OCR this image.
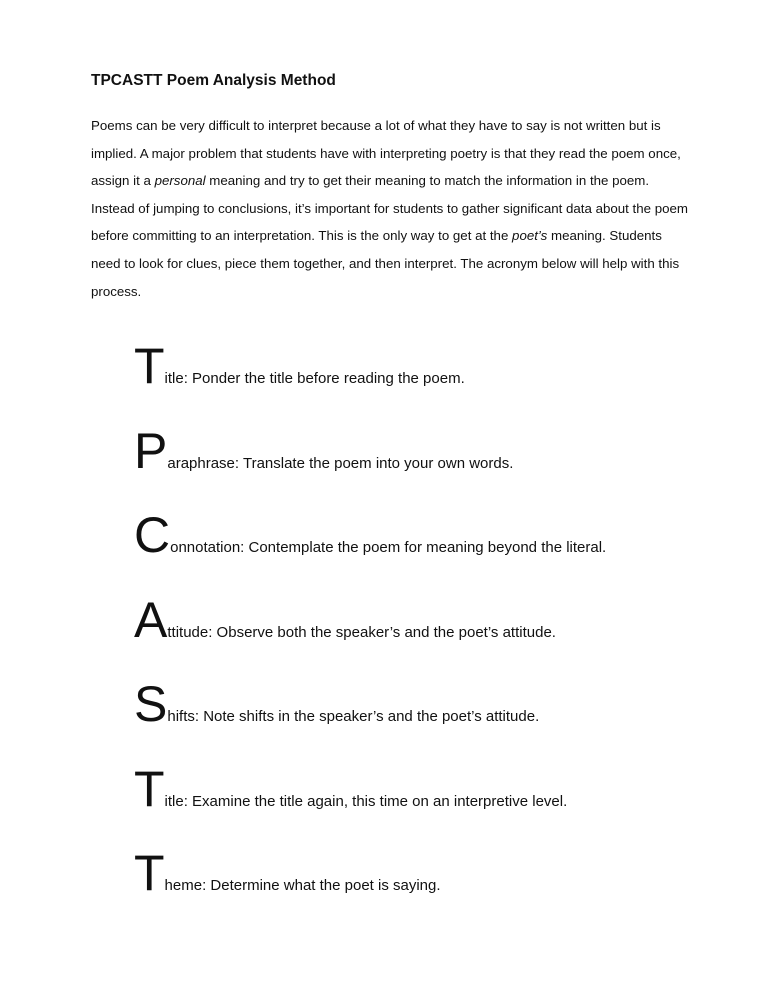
TPCASTT Poem Analysis Method

Poems can be very difficult to interpret because a lot of what they have to say is not written but is implied. A major problem that students have with interpreting poetry is that they read the poem once, assign it a personal meaning and try to get their meaning to match the information in the poem. Instead of jumping to conclusions, it’s important for students to gather significant data about the poem before committing to an interpretation. This is the only way to get at the poet’s meaning. Students need to look for clues, piece them together, and then interpret. The acronym below will help with this process.

Title: Ponder the title before reading the poem.
Paraphrase: Translate the poem into your own words.
Connotation: Contemplate the poem for meaning beyond the literal.
Attitude: Observe both the speaker’s and the poet’s attitude.
Shifts: Note shifts in the speaker’s and the poet’s attitude.
Title: Examine the title again, this time on an interpretive level.
Theme: Determine what the poet is saying.
